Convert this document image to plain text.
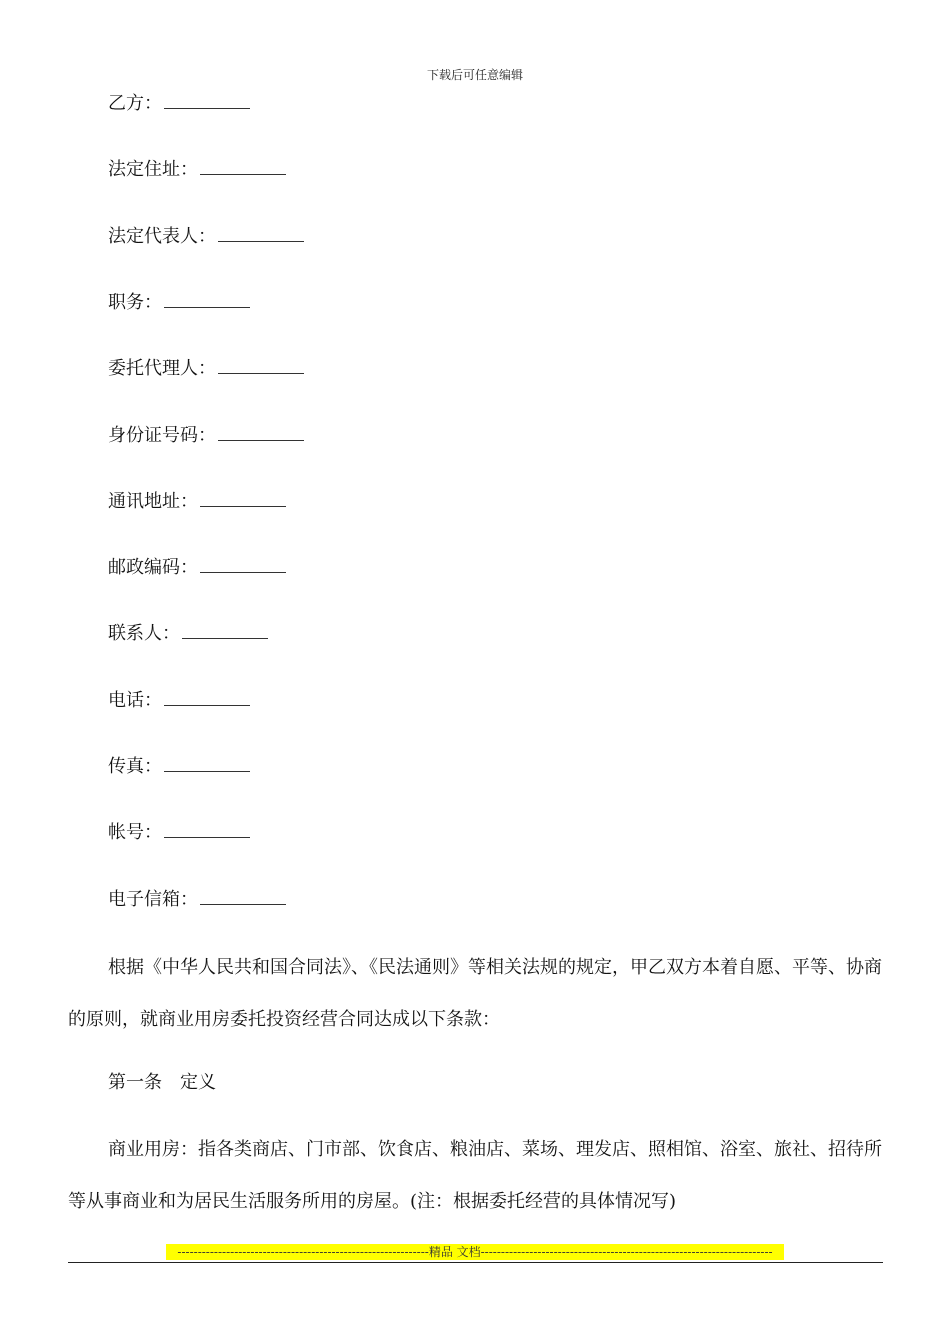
下载后可任意编辑
乙方：
法定住址：
法定代表人：
职务：
委托代理人：
身份证号码：
通讯地址：
邮政编码：
联系人：
电话：
传真：
帐号：
电子信箱：
根据《中华人民共和国合同法》、《民法通则》等相关法规的规定，甲乙双方本着自愿、平等、协商的原则，就商业用房委托投资经营合同达成以下条款：
第一条　定义
商业用房：指各类商店、门市部、饮食店、粮油店、菜场、理发店、照相馆、浴室、旅社、招待所等从事商业和为居民生活服务所用的房屋。(注：根据委托经营的具体情况写)
--------------------------------------------------------------精品 文档------------------------------------------------------------------------
